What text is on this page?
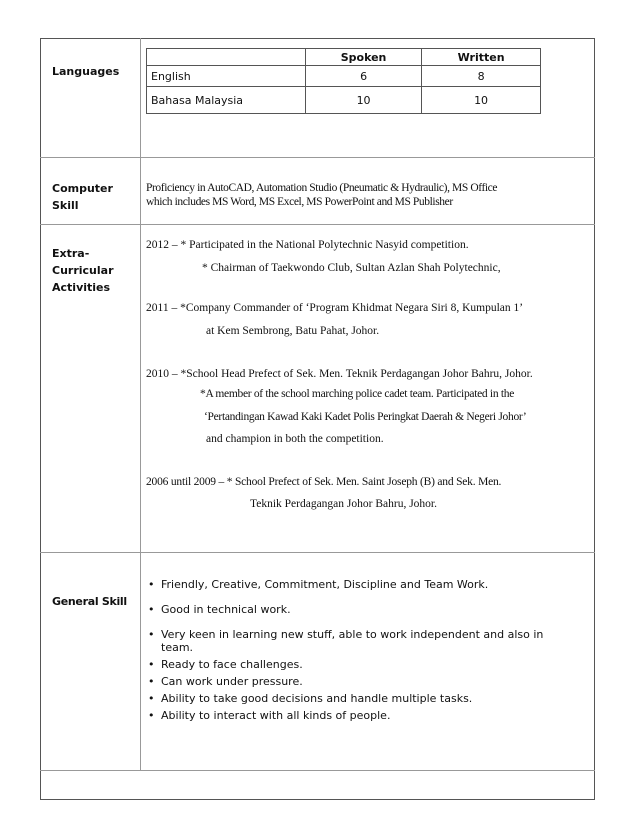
Languages
	Spoken	Written
English	6	8
Bahasa Malaysia	10	10
Computer
Skill
Proficiency in AutoCAD, Automation Studio (Pneumatic & Hydraulic), MS Office
which includes MS Word, MS Excel, MS PowerPoint and MS Publisher
Extra-
Curricular
Activities
2012 – * Participated in the National Polytechnic Nasyid competition.
* Chairman of Taekwondo Club, Sultan Azlan Shah Polytechnic,
2011 – *Company Commander of ‘Program Khidmat Negara Siri 8, Kumpulan 1’
at Kem Sembrong, Batu Pahat, Johor.
2010 – *School Head Prefect of Sek. Men. Teknik Perdagangan Johor Bahru, Johor.
*A member of the school marching police cadet team. Participated in the
‘Pertandingan Kawad Kaki Kadet Polis Peringkat Daerah & Negeri Johor’
and champion in both the competition.
2006 until 2009 – * School Prefect of Sek. Men. Saint Joseph (B) and Sek. Men.
Teknik Perdagangan Johor Bahru, Johor.
General Skill
• Friendly, Creative, Commitment, Discipline and Team Work.
• Good in technical work.
• Very keen in learning new stuff, able to work independent and also in team.
• Ready to face challenges.
• Can work under pressure.
• Ability to take good decisions and handle multiple tasks.
• Ability to interact with all kinds of people.
